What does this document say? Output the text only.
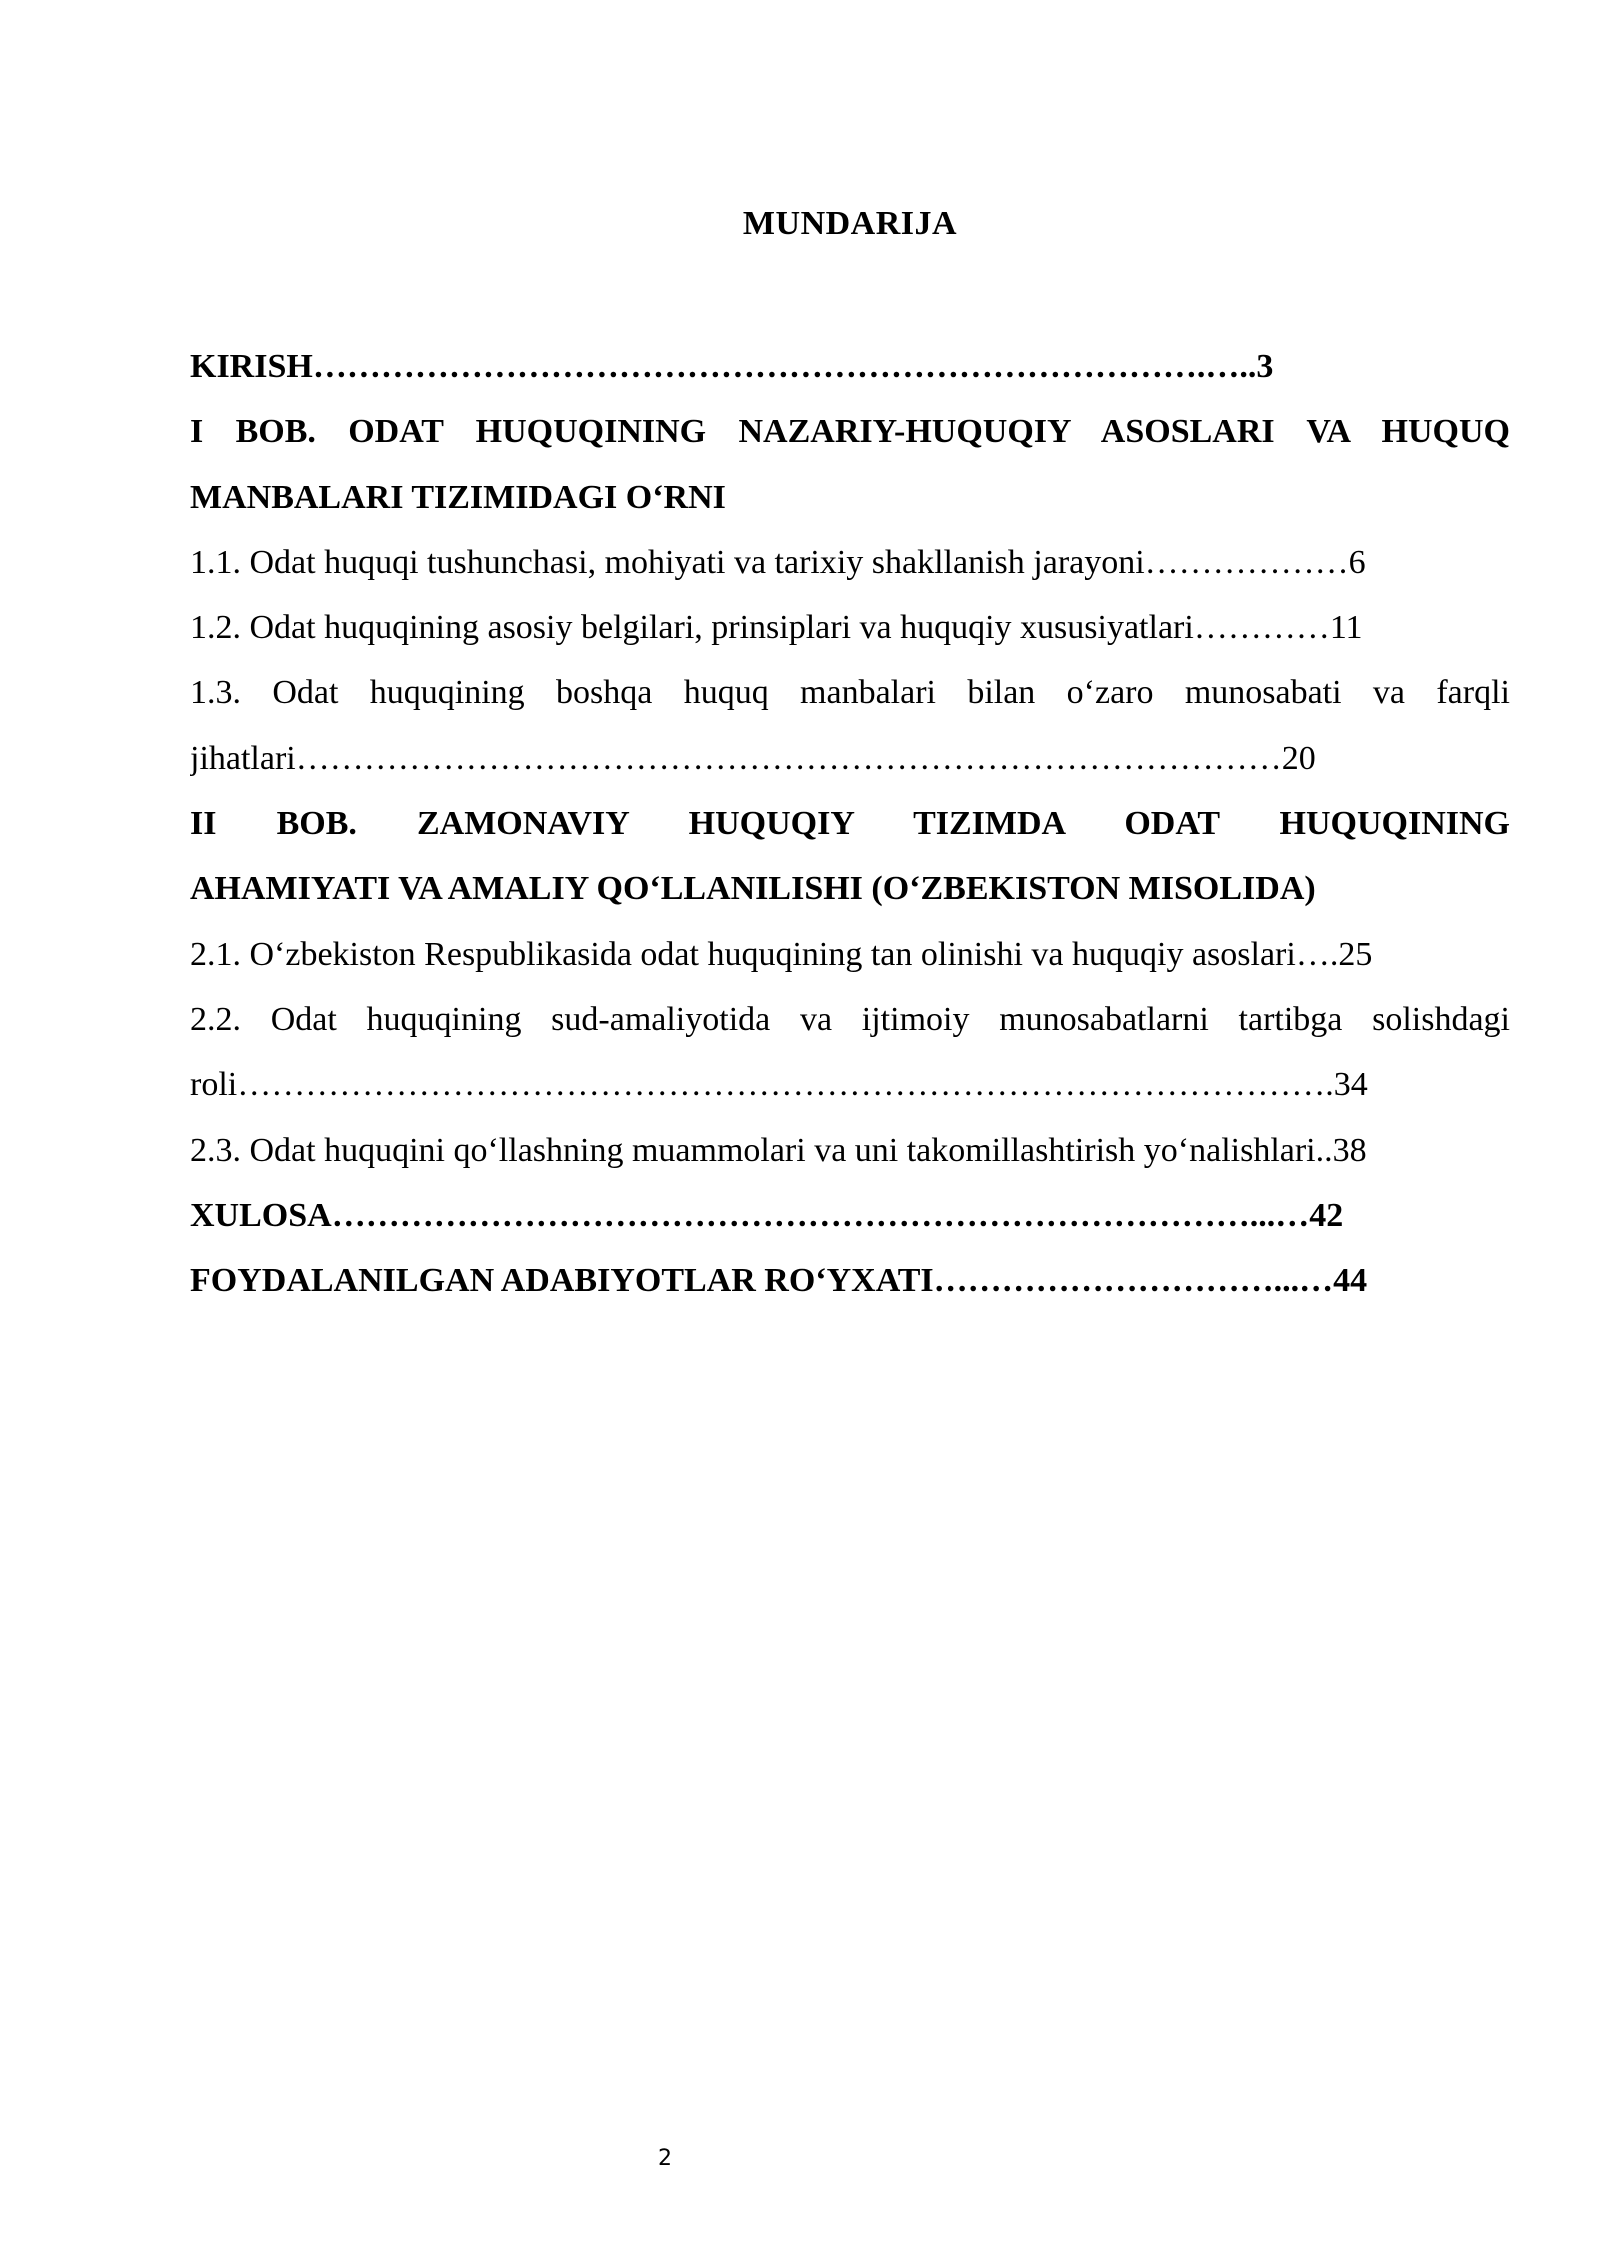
MUNDARIJA
KIRISH…………………………………………………………………….…..3
I BOB. ODAT HUQUQINING NAZARIY-HUQUQIY ASOSLARI VA HUQUQ
MANBALARI TIZIMIDAGI O‘RNI
1.1. Odat huquqi tushunchasi, mohiyati va tarixiy shakllanish jarayoni………………6
1.2. Odat huquqining asosiy belgilari, prinsiplari va huquqiy xususiyatlari…………11
1.3. Odat huquqining boshqa huquq manbalari bilan o‘zaro munosabati va farqli
jihatlari……………………………………………………………………………20
II BOB. ZAMONAVIY HUQUQIY TIZIMDA ODAT HUQUQINING
AHAMIYATI VA AMALIY QO‘LLANILISHI (O‘ZBEKISTON MISOLIDA)
2.1. O‘zbekiston Respublikasida odat huquqining tan olinishi va huquqiy asoslari….25
2.2. Odat huquqining sud-amaliyotida va ijtimoiy munosabatlarni tartibga solishdagi
roli…………………………………………………………………………………….34
2.3. Odat huquqini qo‘llashning muammolari va uni takomillashtirish yo‘nalishlari..38
XULOSA………………………………………………………………………...…42
FOYDALANILGAN ADABIYOTLAR RO‘YXATI…………………………...…44
2
